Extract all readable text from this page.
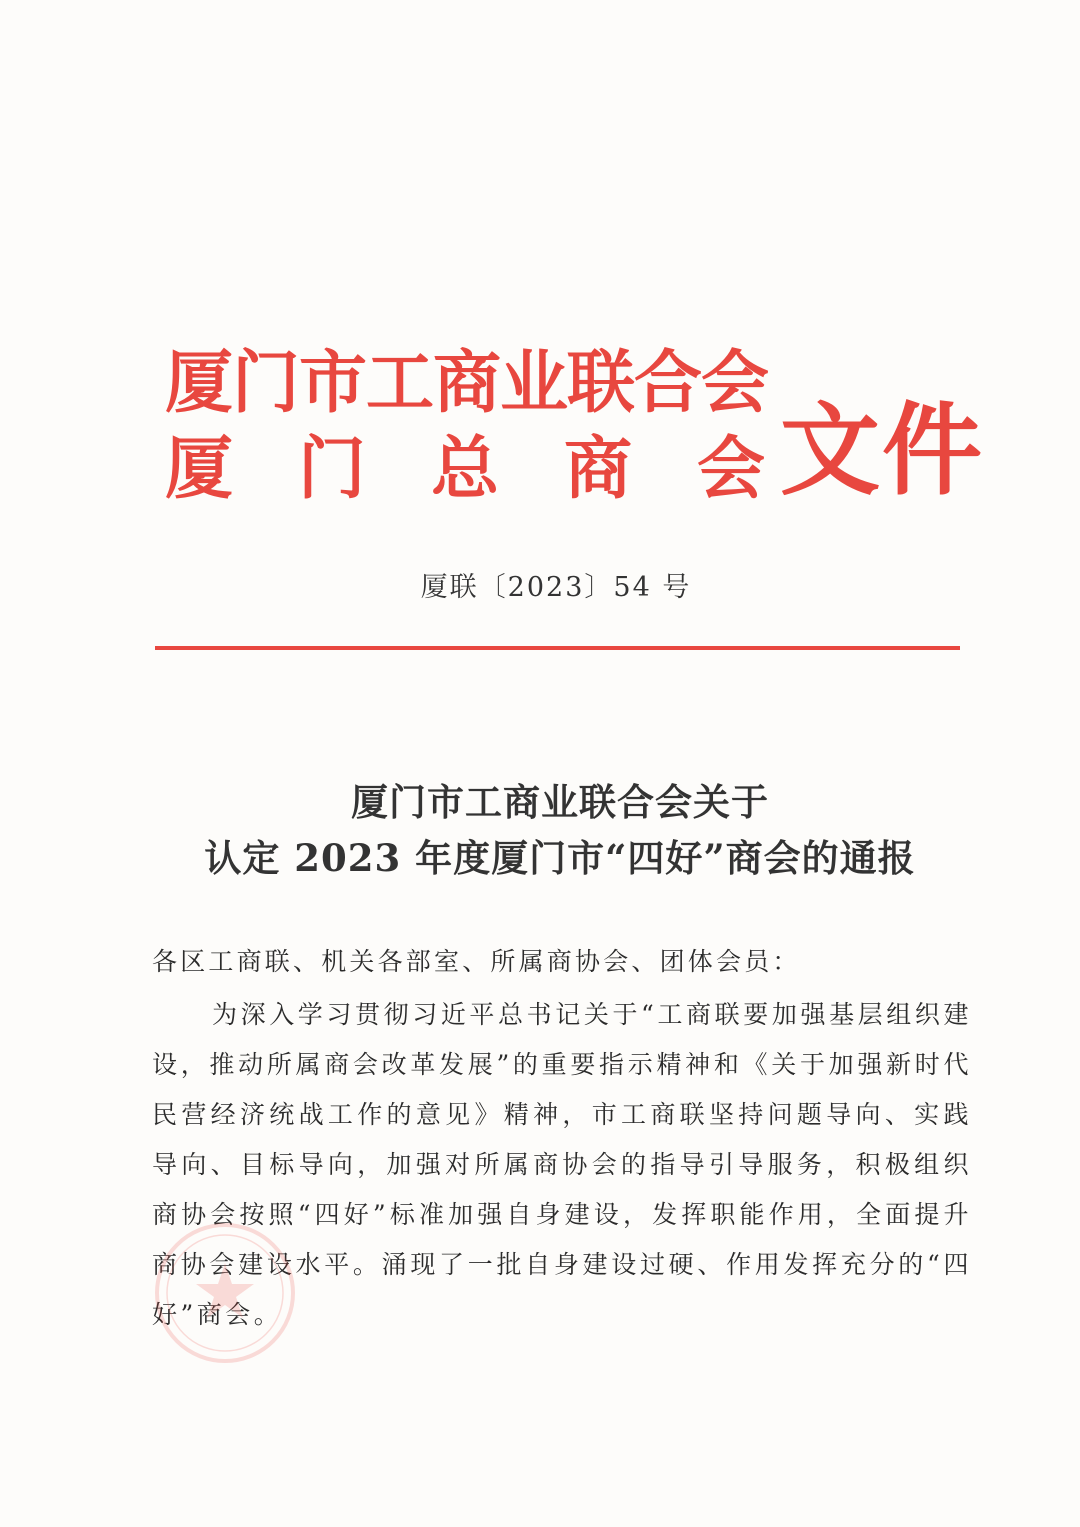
厦
门
市
工
商
业
联
合
会
厦 门 总 商 会 文件
厦联〔2023〕54 号
厦门市工商业联合会关于
认定 2023 年度厦门市“四好”商会的通报
各区工商联、机关各部室、所属商协会、团体会员：

为深入学习贯彻习近平总书记关于“工商联要加强基层组织建设，推动所属商会改革发展”的重要指示精神和《关于加强新时代民营经济统战工作的意见》精神，市工商联坚持问题导向、实践导向、目标导向，加强对所属商协会的指导引导服务，积极组织商协会按照“四好”标准加强自身建设，发挥职能作用，全面提升商协会建设水平。涌现了一批自身建设过硬、作用发挥充分的“四好”商会。
